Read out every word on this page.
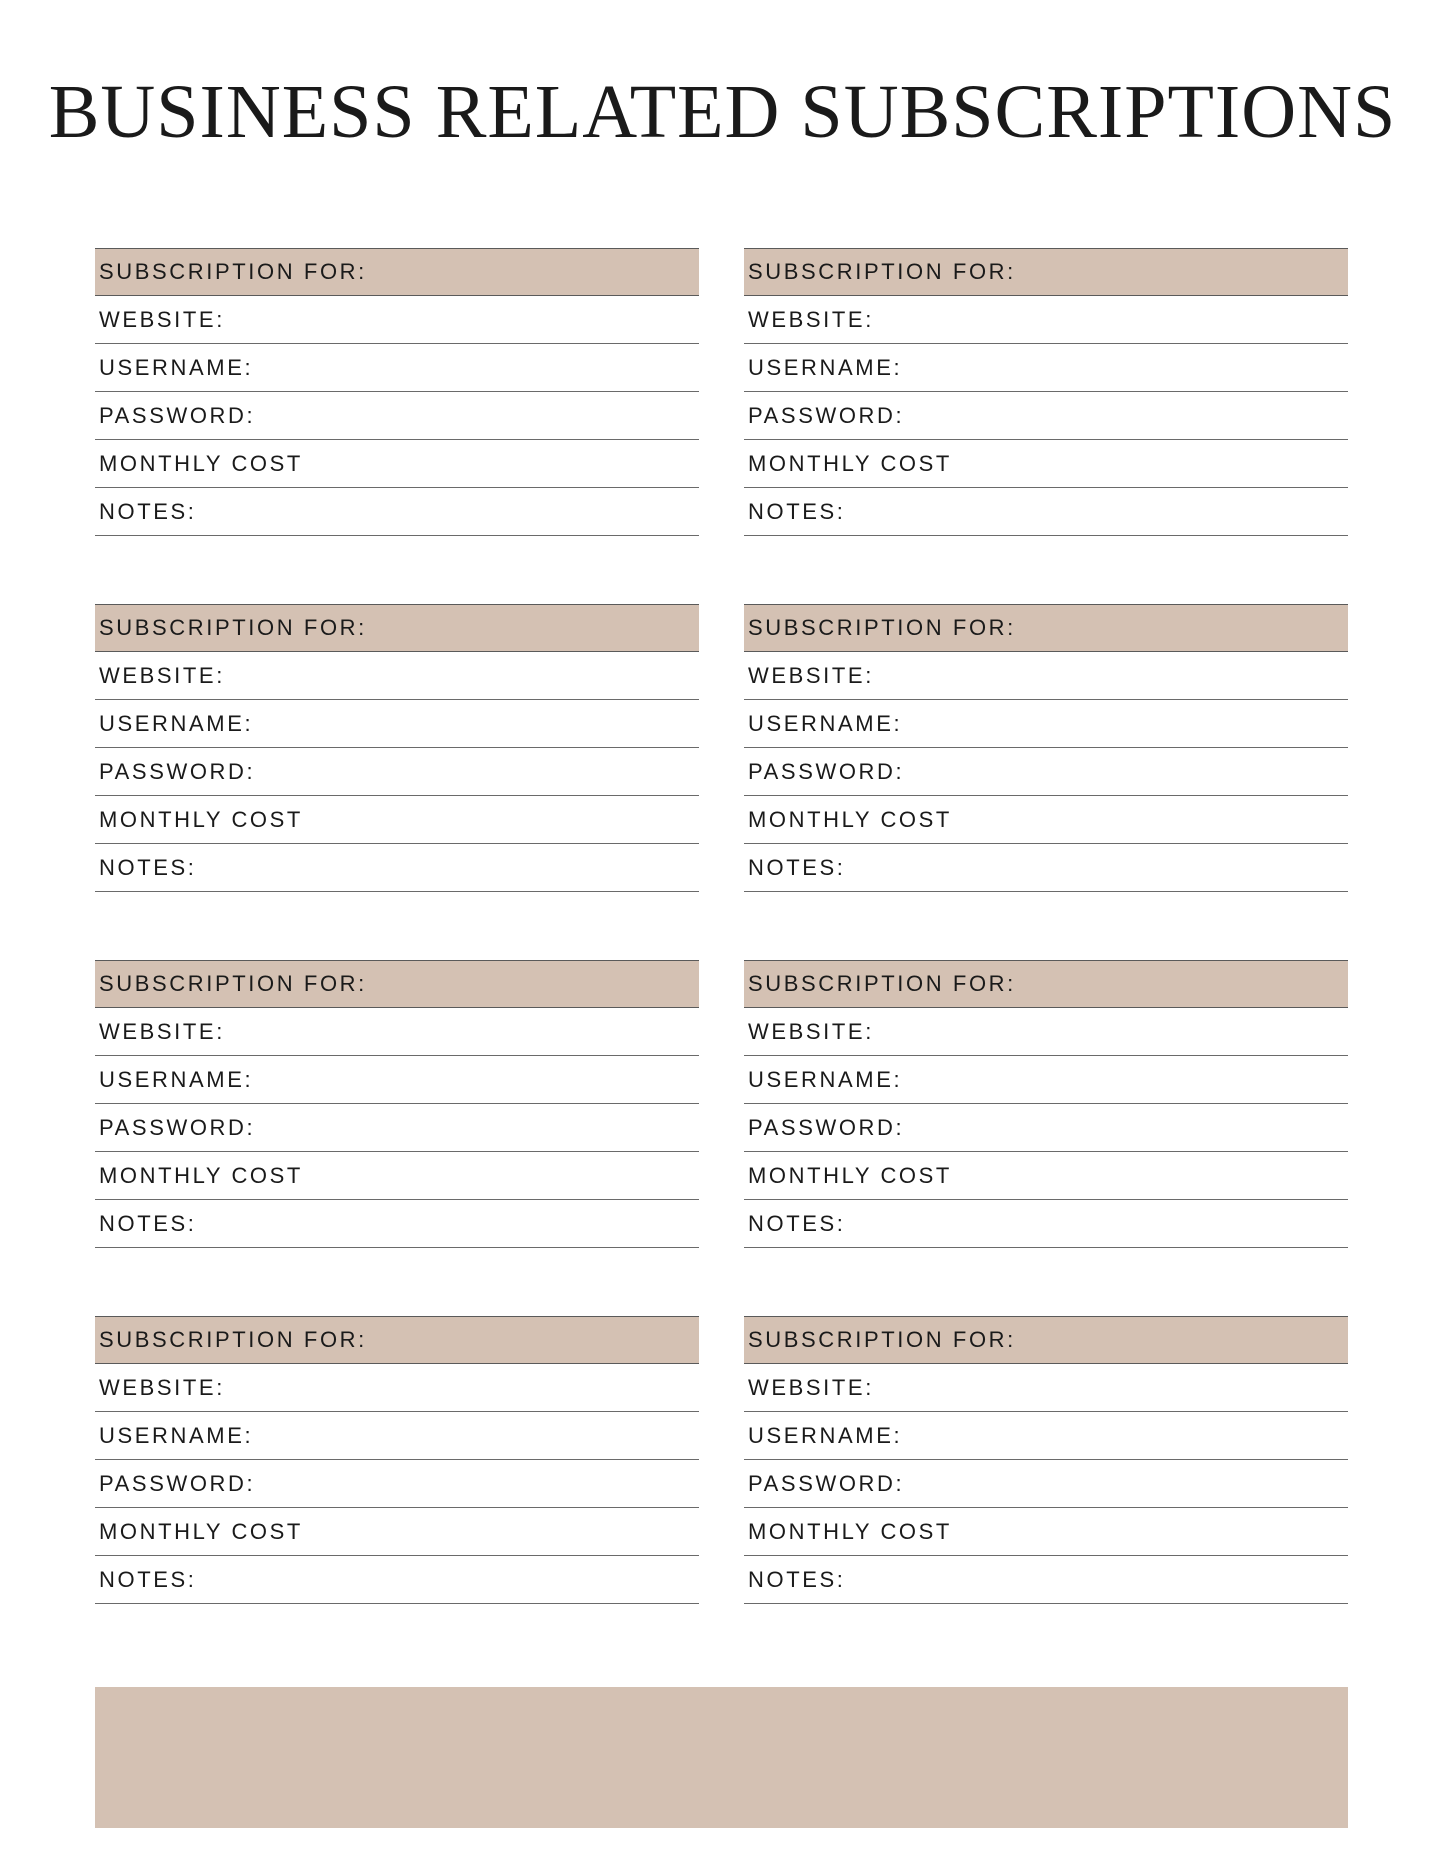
BUSINESS RELATED SUBSCRIPTIONS
SUBSCRIPTION FOR:
WEBSITE:
USERNAME:
PASSWORD:
MONTHLY COST
NOTES:
SUBSCRIPTION FOR:
WEBSITE:
USERNAME:
PASSWORD:
MONTHLY COST
NOTES:
SUBSCRIPTION FOR:
WEBSITE:
USERNAME:
PASSWORD:
MONTHLY COST
NOTES:
SUBSCRIPTION FOR:
WEBSITE:
USERNAME:
PASSWORD:
MONTHLY COST
NOTES:
SUBSCRIPTION FOR:
WEBSITE:
USERNAME:
PASSWORD:
MONTHLY COST
NOTES:
SUBSCRIPTION FOR:
WEBSITE:
USERNAME:
PASSWORD:
MONTHLY COST
NOTES:
SUBSCRIPTION FOR:
WEBSITE:
USERNAME:
PASSWORD:
MONTHLY COST
NOTES:
SUBSCRIPTION FOR:
WEBSITE:
USERNAME:
PASSWORD:
MONTHLY COST
NOTES:
